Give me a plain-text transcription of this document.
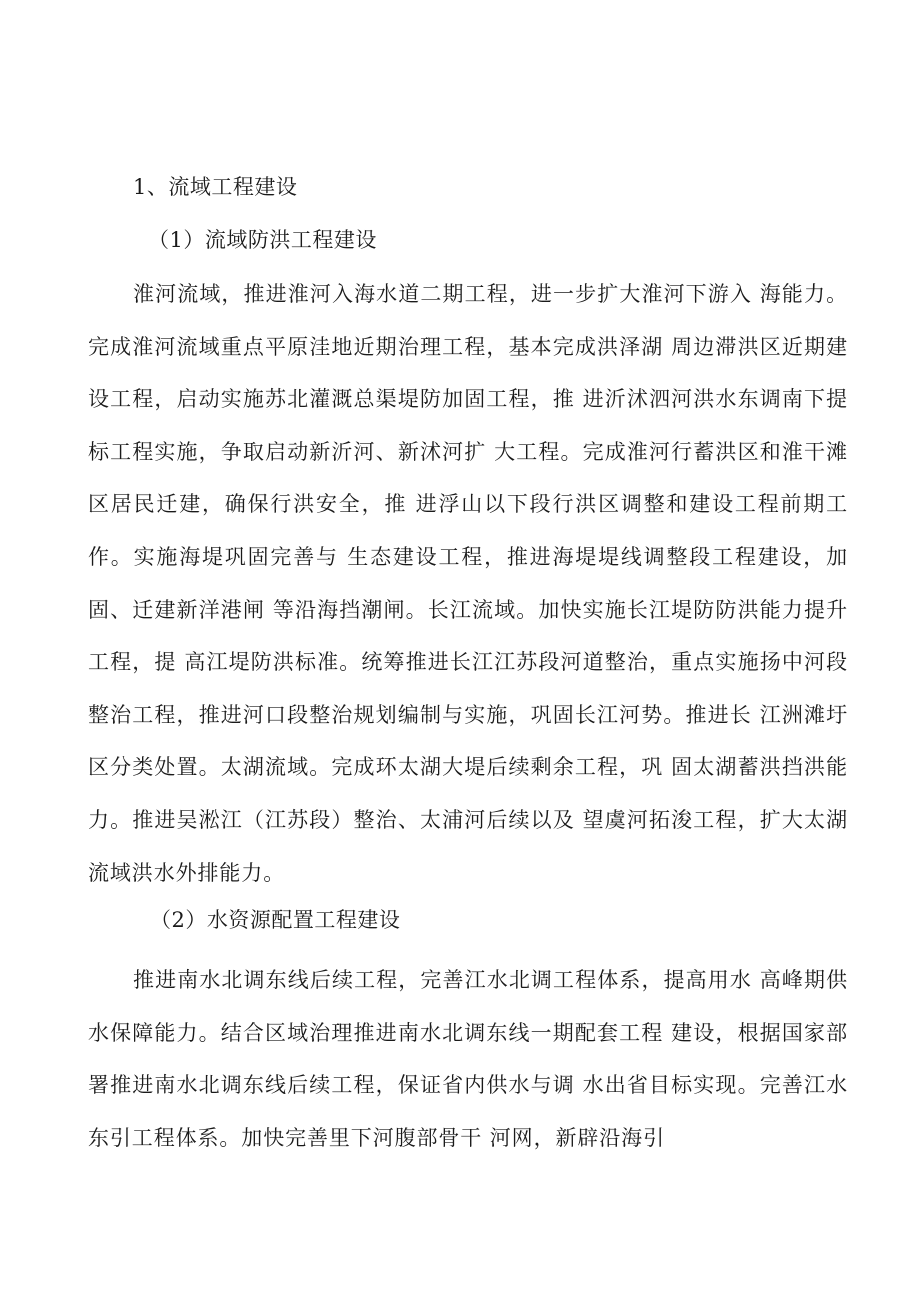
1、流域工程建设
（1）流域防洪工程建设

淮河流域，推进淮河入海水道二期工程，进一步扩大淮河下游入 海能力。完成淮河流域重点平原洼地近期治理工程，基本完成洪泽湖 周边滞洪区近期建设工程，启动实施苏北灌溉总渠堤防加固工程，推 进沂沭泗河洪水东调南下提标工程实施，争取启动新沂河、新沭河扩 大工程。完成淮河行蓄洪区和淮干滩区居民迁建，确保行洪安全，推 进浮山以下段行洪区调整和建设工程前期工作。实施海堤巩固完善与 生态建设工程，推进海堤堤线调整段工程建设，加固、迁建新洋港闸 等沿海挡潮闸。长江流域。加快实施长江堤防防洪能力提升工程，提 高江堤防洪标准。统筹推进长江江苏段河道整治，重点实施扬中河段 整治工程，推进河口段整治规划编制与实施，巩固长江河势。推进长 江洲滩圩区分类处置。太湖流域。完成环太湖大堤后续剩余工程，巩 固太湖蓄洪挡洪能力。推进吴淞江（江苏段）整治、太浦河后续以及 望虞河拓浚工程，扩大太湖流域洪水外排能力。

（2）水资源配置工程建设

推进南水北调东线后续工程，完善江水北调工程体系，提高用水 高峰期供水保障能力。结合区域治理推进南水北调东线一期配套工程 建设，根据国家部署推进南水北调东线后续工程，保证省内供水与调 水出省目标实现。完善江水东引工程体系。加快完善里下河腹部骨干 河网，新辟沿海引
